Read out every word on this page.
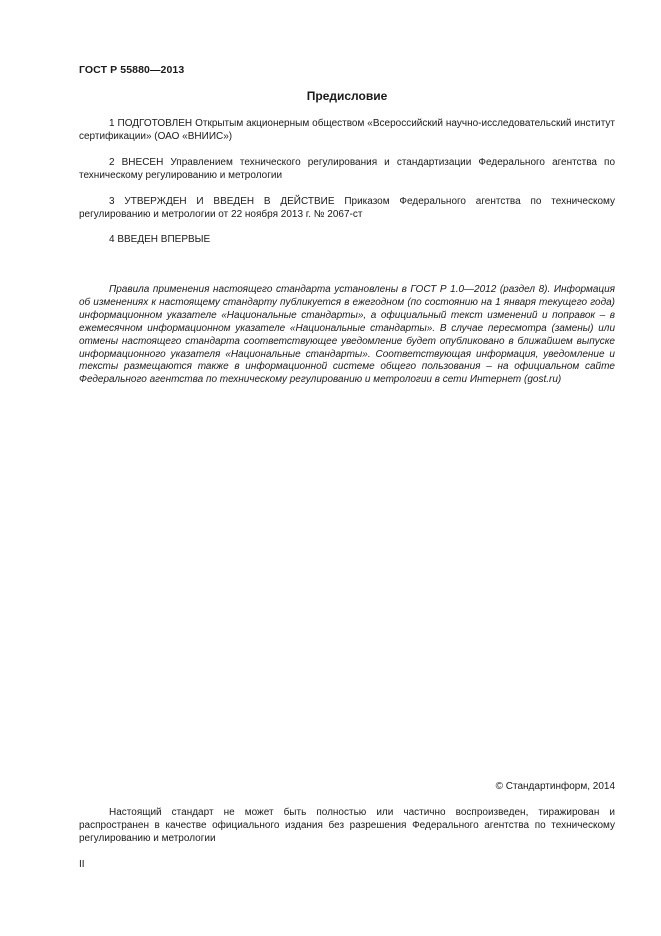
ГОСТ Р 55880—2013
Предисловие

1 ПОДГОТОВЛЕН Открытым акционерным обществом «Всероссийский научно-исследовательский институт сертификации» (ОАО «ВНИИС»)

2 ВНЕСЕН Управлением технического регулирования и стандартизации Федерального агентства по техническому регулированию и метрологии

3 УТВЕРЖДЕН И ВВЕДЕН В ДЕЙСТВИЕ Приказом Федерального агентства по техническому регулированию и метрологии от 22 ноября 2013 г. № 2067-ст

4 ВВЕДЕН ВПЕРВЫЕ

Правила применения настоящего стандарта установлены в ГОСТ Р 1.0—2012 (раздел 8). Информация об изменениях к настоящему стандарту публикуется в ежегодном (по состоянию на 1 января текущего года) информационном указателе «Национальные стандарты», а официальный текст изменений и поправок – в ежемесячном информационном указателе «Национальные стандарты». В случае пересмотра (замены) или отмены настоящего стандарта соответствующее уведомление будет опубликовано в ближайшем выпуске информационного указателя «Национальные стандарты». Соответствующая информация, уведомление и тексты размещаются также в информационной системе общего пользования – на официальном сайте Федерального агентства по техническому регулированию и метрологии в сети Интернет (gost.ru)

© Стандартинформ, 2014

Настоящий стандарт не может быть полностью или частично воспроизведен, тиражирован и распространен в качестве официального издания без разрешения Федерального агентства по техническому регулированию и метрологии

II
